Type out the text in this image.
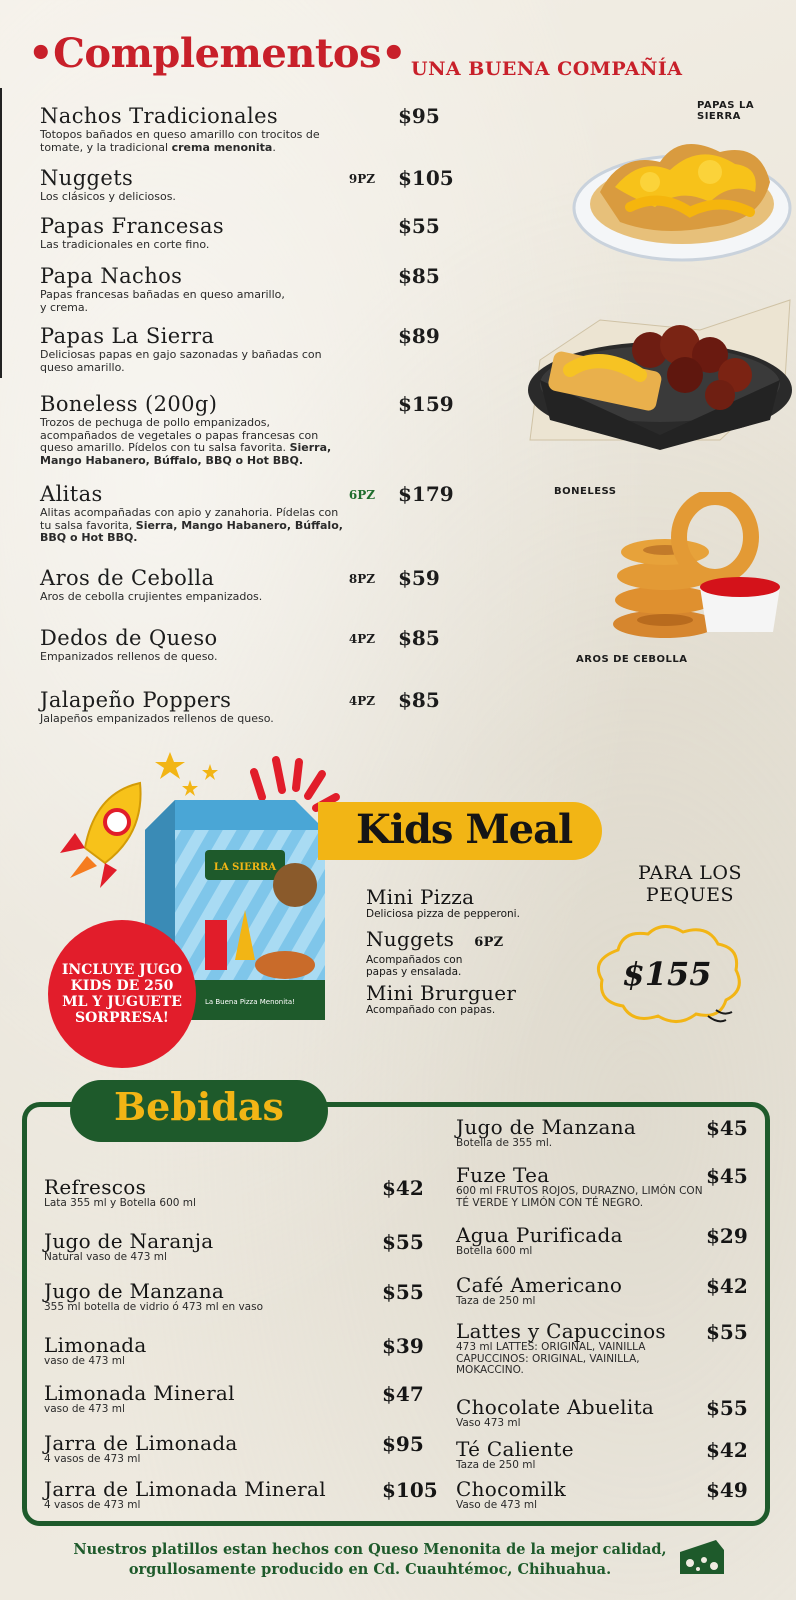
•Complementos• UNA BUENA COMPAÑÍA
Nachos Tradicionales
Totopos bañados en queso amarillo con trocitos de tomate, y la tradicional crema menonita.
$95
Nuggets
Los clásicos y deliciosos.
9PZ $105
Papas Francesas
Las tradicionales en corte fino.
$55
Papa Nachos
Papas francesas bañadas en queso amarillo,
y crema.
$85
Papas La Sierra
Deliciosas papas en gajo sazonadas y bañadas con queso amarillo.
$89
Boneless (200g)
Trozos de pechuga de pollo empanizados, acompañados de vegetales o papas francesas con queso amarillo. Pídelos con tu salsa favorita. Sierra, Mango Habanero, Búffalo, BBQ o Hot BBQ.
$159
Alitas
Alitas acompañadas con apio y zanahoria. Pídelas con tu salsa favorita, Sierra, Mango Habanero, Búffalo, BBQ o Hot BBQ.
6PZ $179
Aros de Cebolla
Aros de cebolla crujientes empanizados.
8PZ $59
Dedos de Queso
Empanizados rellenos de queso.
4PZ $85
Jalapeño Poppers
Jalapeños empanizados rellenos de queso.
4PZ $85
PAPAS LA SIERRA
BONELESS
AROS DE CEBOLLA
LA SIERRA
La Buena Pizza Menonita!
INCLUYE JUGO KIDS DE 250 ML Y JUGUETE SORPRESA!
Kids Meal
Mini Pizza
Deliciosa pizza de pepperoni.
Nuggets 6PZ
Acompañados con papas y ensalada.
Mini Brurguer
Acompañado con papas.
PARA LOS PEQUES
$155
Bebidas
Refrescos
Lata 355 ml y Botella 600 ml
$42
Jugo de Naranja
Natural vaso de 473 ml
$55
Jugo de Manzana
355 ml botella de vidrio ó 473 ml en vaso
$55
Limonada
vaso de 473 ml
$39
Limonada Mineral
vaso de 473 ml
$47
Jarra de Limonada
4 vasos de 473 ml
$95
Jarra de Limonada Mineral
4 vasos de 473 ml
$105
Jugo de Manzana
Botella de 355 ml.
$45
Fuze Tea
600 ml FRUTOS ROJOS, DURAZNO, LIMÓN CON TÉ VERDE Y LIMÓN CON TÉ NEGRO.
$45
Agua Purificada
Botella 600 ml
$29
Café Americano
Taza de 250 ml
$42
Lattes y Capuccinos
473 ml LATTES: ORIGINAL, VAINILLA CAPUCCINOS: ORIGINAL, VAINILLA, MOKACCINO.
$55
Chocolate Abuelita
Vaso 473 ml
$55
Té Caliente
Taza de 250 ml
$42
Chocomilk
Vaso de 473 ml
$49
Nuestros platillos estan hechos con Queso Menonita de la mejor calidad,
orgullosamente producido en Cd. Cuauhtémoc, Chihuahua.
